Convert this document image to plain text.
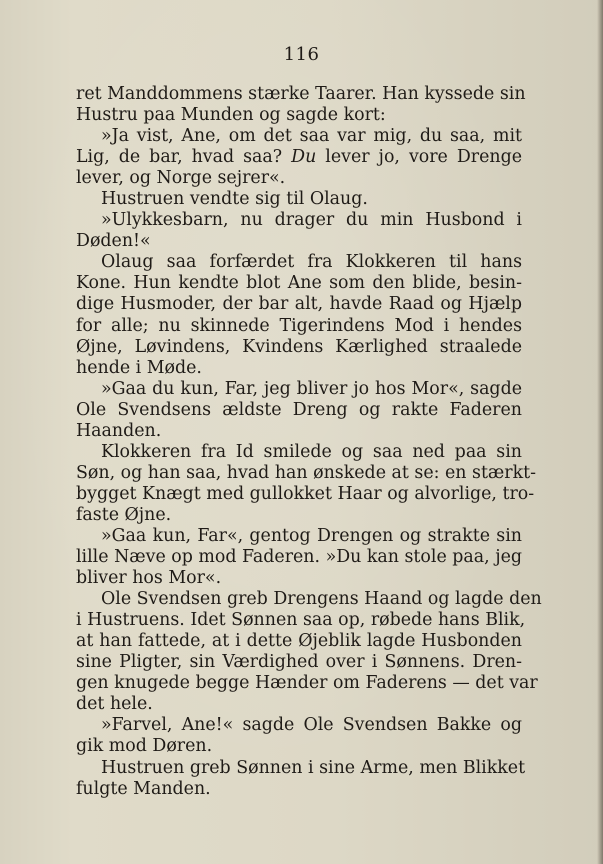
116
ret Manddommens stærke Taarer. Han kyssede sin
Hustru paa Munden og sagde kort:
»Ja vist, Ane, om det saa var mig, du saa, mit
Lig, de bar, hvad saa? Du lever jo, vore Drenge
lever, og Norge sejrer«.
Hustruen vendte sig til Olaug.
»Ulykkesbarn, nu drager du min Husbond i
Døden!«
Olaug saa forfærdet fra Klokkeren til hans
Kone. Hun kendte blot Ane som den blide, besin-
dige Husmoder, der bar alt, havde Raad og Hjælp
for alle; nu skinnede Tigerindens Mod i hendes
Øjne, Løvindens, Kvindens Kærlighed straalede
hende i Møde.
»Gaa du kun, Far, jeg bliver jo hos Mor«, sagde
Ole Svendsens ældste Dreng og rakte Faderen
Haanden.
Klokkeren fra Id smilede og saa ned paa sin
Søn, og han saa, hvad han ønskede at se: en stærkt-
bygget Knægt med gullokket Haar og alvorlige, tro-
faste Øjne.
»Gaa kun, Far«, gentog Drengen og strakte sin
lille Næve op mod Faderen. »Du kan stole paa, jeg
bliver hos Mor«.
Ole Svendsen greb Drengens Haand og lagde den
i Hustruens. Idet Sønnen saa op, røbede hans Blik,
at han fattede, at i dette Øjeblik lagde Husbonden
sine Pligter, sin Værdighed over i Sønnens. Dren-
gen knugede begge Hænder om Faderens — det var
det hele.
»Farvel, Ane!« sagde Ole Svendsen Bakke og
gik mod Døren.
Hustruen greb Sønnen i sine Arme, men Blikket
fulgte Manden.
